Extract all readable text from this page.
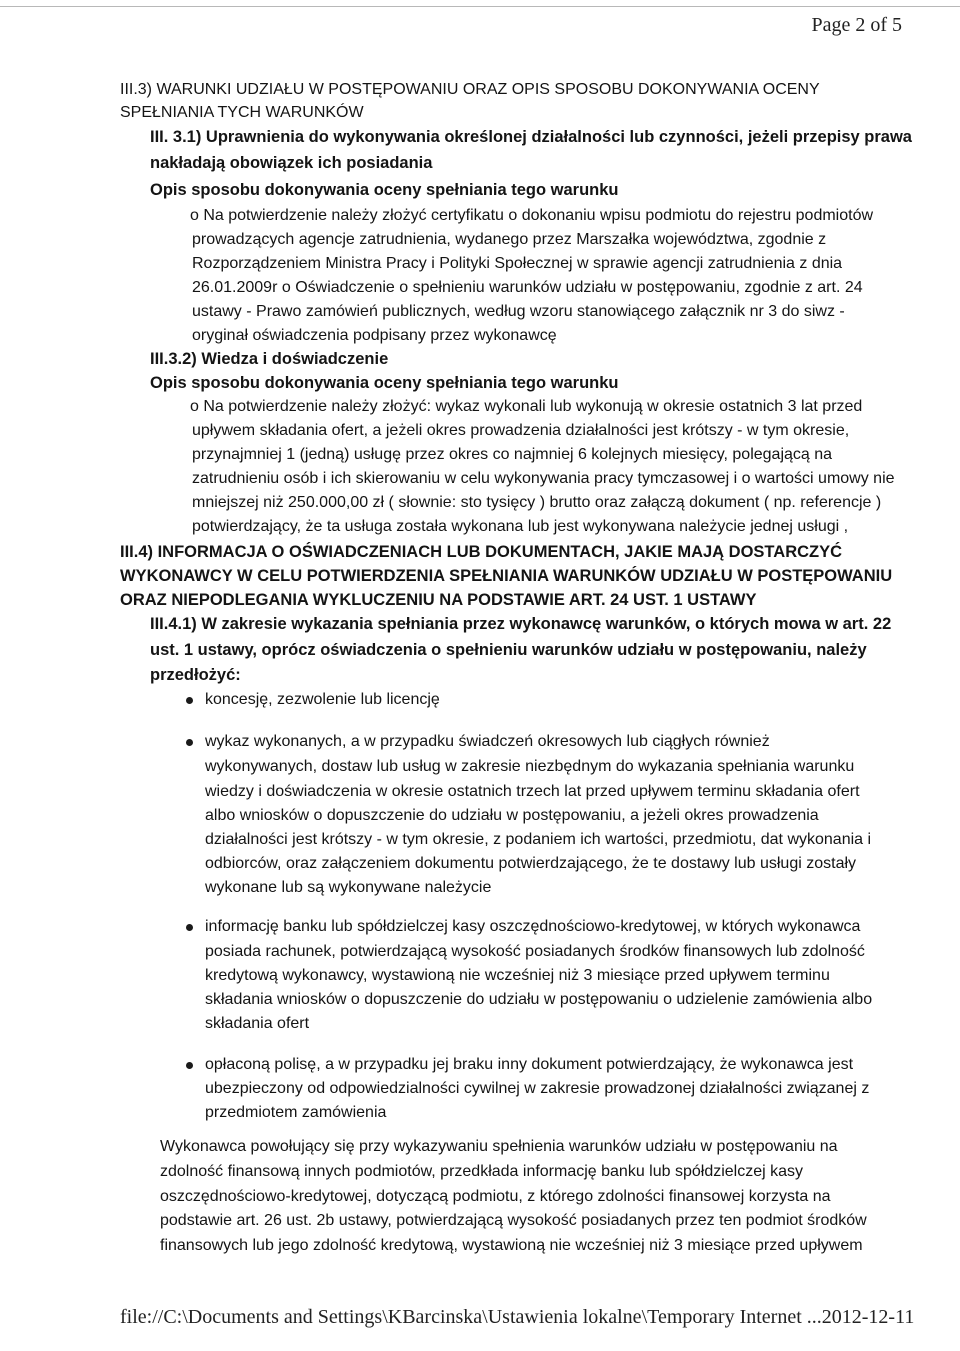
Page 2 of 5
III.3) WARUNKI UDZIAŁU W POSTĘPOWANIU ORAZ OPIS SPOSOBU DOKONYWANIA OCENY
SPEŁNIANIA TYCH WARUNKÓW
III. 3.1) Uprawnienia do wykonywania określonej działalności lub czynności, jeżeli przepisy prawa
nakładają obowiązek ich posiadania
Opis sposobu dokonywania oceny spełniania tego warunku
o Na potwierdzenie należy złożyć certyfikatu o dokonaniu wpisu podmiotu do rejestru podmiotów
prowadzących agencje zatrudnienia, wydanego przez Marszałka województwa, zgodnie z
Rozporządzeniem Ministra Pracy i Polityki Społecznej w sprawie agencji zatrudnienia z dnia
26.01.2009r o Oświadczenie o spełnieniu warunków udziału w postępowaniu, zgodnie z art. 24
ustawy - Prawo zamówień publicznych, według wzoru stanowiącego załącznik nr 3 do siwz -
oryginał oświadczenia podpisany przez wykonawcę
III.3.2) Wiedza i doświadczenie
Opis sposobu dokonywania oceny spełniania tego warunku
o Na potwierdzenie należy złożyć: wykaz wykonali lub wykonują w okresie ostatnich 3 lat przed
upływem składania ofert, a jeżeli okres prowadzenia działalności jest krótszy - w tym okresie,
przynajmniej 1 (jedną) usługę przez okres co najmniej 6 kolejnych miesięcy, polegającą na
zatrudnieniu osób i ich skierowaniu w celu wykonywania pracy tymczasowej i o wartości umowy nie
mniejszej niż 250.000,00 zł ( słownie: sto tysięcy ) brutto oraz załączą dokument ( np. referencje )
potwierdzający, że ta usługa została wykonana lub jest wykonywana należycie jednej usługi ,
III.4) INFORMACJA O OŚWIADCZENIACH LUB DOKUMENTACH, JAKIE MAJĄ DOSTARCZYĆ
WYKONAWCY W CELU POTWIERDZENIA SPEŁNIANIA WARUNKÓW UDZIAŁU W POSTĘPOWANIU
ORAZ NIEPODLEGANIA WYKLUCZENIU NA PODSTAWIE ART. 24 UST. 1 USTAWY
III.4.1) W zakresie wykazania spełniania przez wykonawcę warunków, o których mowa w art. 22
ust. 1 ustawy, oprócz oświadczenia o spełnieniu warunków udziału w postępowaniu, należy
przedłożyć:
koncesję, zezwolenie lub licencję
wykaz wykonanych, a w przypadku świadczeń okresowych lub ciągłych również
wykonywanych, dostaw lub usług w zakresie niezbędnym do wykazania spełniania warunku
wiedzy i doświadczenia w okresie ostatnich trzech lat przed upływem terminu składania ofert
albo wniosków o dopuszczenie do udziału w postępowaniu, a jeżeli okres prowadzenia
działalności jest krótszy - w tym okresie, z podaniem ich wartości, przedmiotu, dat wykonania i
odbiorców, oraz załączeniem dokumentu potwierdzającego, że te dostawy lub usługi zostały
wykonane lub są wykonywane należycie
informację banku lub spółdzielczej kasy oszczędnościowo-kredytowej, w których wykonawca
posiada rachunek, potwierdzającą wysokość posiadanych środków finansowych lub zdolność
kredytową wykonawcy, wystawioną nie wcześniej niż 3 miesiące przed upływem terminu
składania wniosków o dopuszczenie do udziału w postępowaniu o udzielenie zamówienia albo
składania ofert
opłaconą polisę, a w przypadku jej braku inny dokument potwierdzający, że wykonawca jest
ubezpieczony od odpowiedzialności cywilnej w zakresie prowadzonej działalności związanej z
przedmiotem zamówienia
Wykonawca powołujący się przy wykazywaniu spełnienia warunków udziału w postępowaniu na
zdolność finansową innych podmiotów, przedkłada informację banku lub spółdzielczej kasy
oszczędnościowo-kredytowej, dotyczącą podmiotu, z którego zdolności finansowej korzysta na
podstawie art. 26 ust. 2b ustawy, potwierdzającą wysokość posiadanych przez ten podmiot środków
finansowych lub jego zdolność kredytową, wystawioną nie wcześniej niż 3 miesiące przed upływem
file://C:\Documents and Settings\KBarcinska\Ustawienia lokalne\Temporary Internet ... 2012-12-11
